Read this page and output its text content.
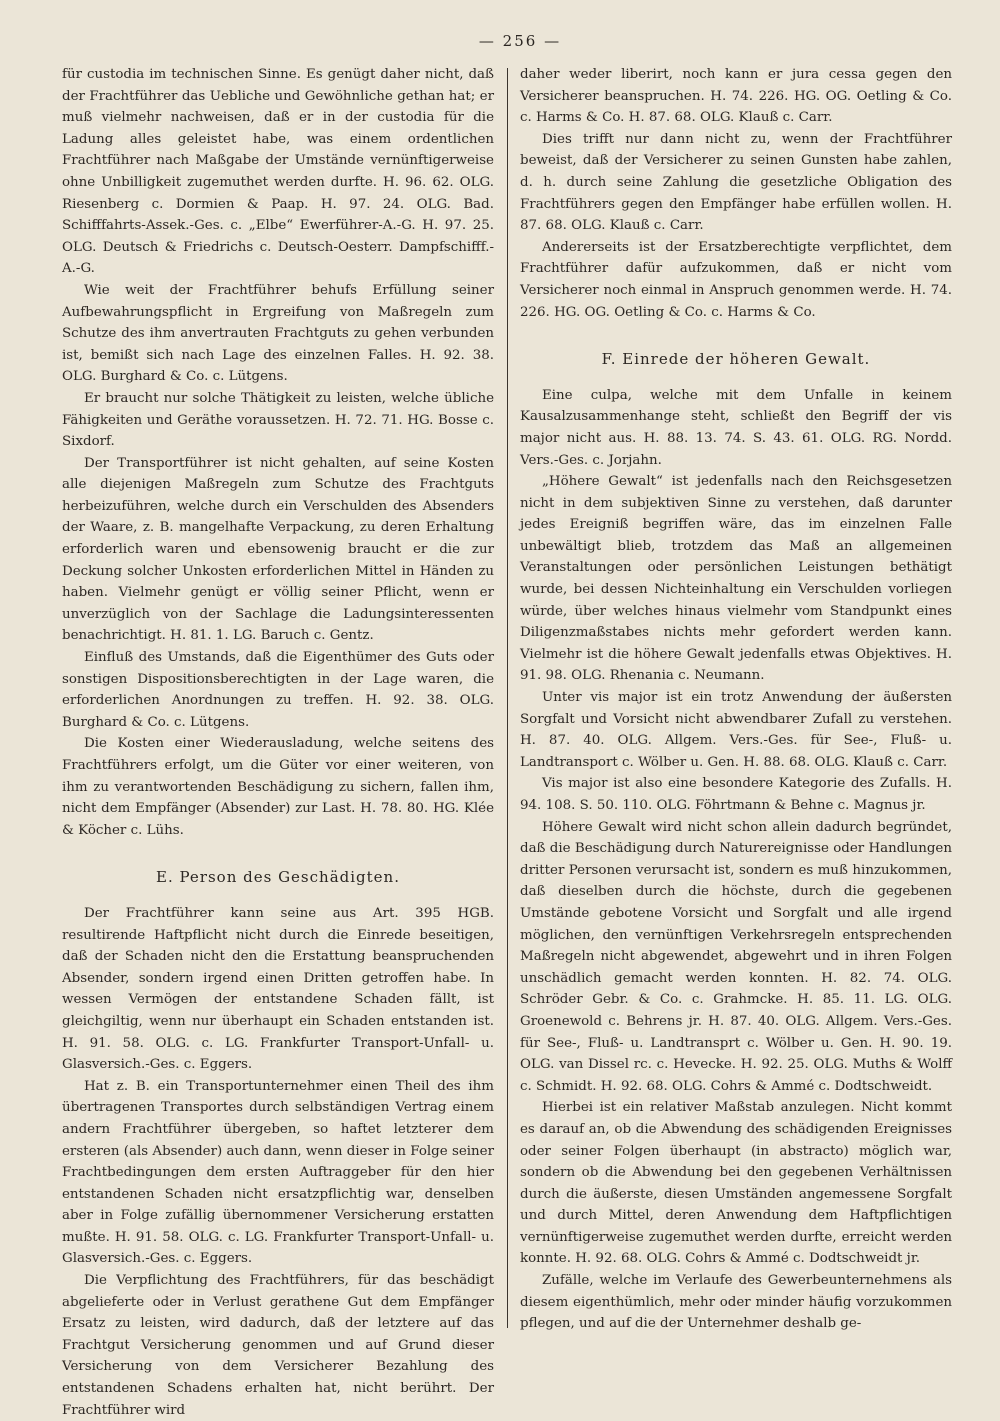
— 256 —

für custodia im technischen Sinne. Es genügt daher nicht, daß der Frachtführer das Uebliche und Gewöhnliche gethan hat; er muß vielmehr nachweisen, daß er in der custodia für die Ladung alles geleistet habe, was einem ordentlichen Frachtführer nach Maßgabe der Umstände vernünftigerweise ohne Unbilligkeit zugemuthet werden durfte. H. 96. 62. OLG. Riesenberg c. Dormien & Paap. H. 97. 24. OLG. Bad. Schifffahrts-Assek.-Ges. c. „Elbe“ Ewerführer-A.-G. H. 97. 25. OLG. Deutsch & Friedrichs c. Deutsch-Oesterr. Dampfschifff.-A.-G.

Wie weit der Frachtführer behufs Erfüllung seiner Aufbewahrungspflicht in Ergreifung von Maßregeln zum Schutze des ihm anvertrauten Frachtguts zu gehen verbunden ist, bemißt sich nach Lage des einzelnen Falles. H. 92. 38. OLG. Burghard & Co. c. Lütgens.

Er braucht nur solche Thätigkeit zu leisten, welche übliche Fähigkeiten und Geräthe voraussetzen. H. 72. 71. HG. Bosse c. Sixdorf.

Der Transportführer ist nicht gehalten, auf seine Kosten alle diejenigen Maßregeln zum Schutze des Frachtguts herbeizuführen, welche durch ein Verschulden des Absenders der Waare, z. B. mangelhafte Verpackung, zu deren Erhaltung erforderlich waren und ebensowenig braucht er die zur Deckung solcher Unkosten erforderlichen Mittel in Händen zu haben. Vielmehr genügt er völlig seiner Pflicht, wenn er unverzüglich von der Sachlage die Ladungsinteressenten benachrichtigt. H. 81. 1. LG. Baruch c. Gentz.

Einfluß des Umstands, daß die Eigenthümer des Guts oder sonstigen Dispositionsberechtigten in der Lage waren, die erforderlichen Anordnungen zu treffen. H. 92. 38. OLG. Burghard & Co. c. Lütgens.

Die Kosten einer Wiederausladung, welche seitens des Frachtführers erfolgt, um die Güter vor einer weiteren, von ihm zu verantwortenden Beschädigung zu sichern, fallen ihm, nicht dem Empfänger (Absender) zur Last. H. 78. 80. HG. Klée & Köcher c. Lühs.

E. Person des Geschädigten.

Der Frachtführer kann seine aus Art. 395 HGB. resultirende Haftpflicht nicht durch die Einrede beseitigen, daß der Schaden nicht den die Erstattung beanspruchenden Absender, sondern irgend einen Dritten getroffen habe. In wessen Vermögen der entstandene Schaden fällt, ist gleichgiltig, wenn nur überhaupt ein Schaden entstanden ist. H. 91. 58. OLG. c. LG. Frankfurter Transport-Unfall- u. Glasversich.-Ges. c. Eggers.

Hat z. B. ein Transportunternehmer einen Theil des ihm übertragenen Transportes durch selbständigen Vertrag einem andern Frachtführer übergeben, so haftet letzterer dem ersteren (als Absender) auch dann, wenn dieser in Folge seiner Frachtbedingungen dem ersten Auftraggeber für den hier entstandenen Schaden nicht ersatzpflichtig war, denselben aber in Folge zufällig übernommener Versicherung erstatten mußte. H. 91. 58. OLG. c. LG. Frankfurter Transport-Unfall- u. Glasversich.-Ges. c. Eggers.

Die Verpflichtung des Frachtführers, für das beschädigt abgelieferte oder in Verlust gerathene Gut dem Empfänger Ersatz zu leisten, wird dadurch, daß der letztere auf das Frachtgut Versicherung genommen und auf Grund dieser Versicherung von dem Versicherer Bezahlung des entstandenen Schadens erhalten hat, nicht berührt. Der Frachtführer wird

daher weder liberirt, noch kann er jura cessa gegen den Versicherer beanspruchen. H. 74. 226. HG. OG. Oetling & Co. c. Harms & Co. H. 87. 68. OLG. Klauß c. Carr.

Dies trifft nur dann nicht zu, wenn der Frachtführer beweist, daß der Versicherer zu seinen Gunsten habe zahlen, d. h. durch seine Zahlung die gesetzliche Obligation des Frachtführers gegen den Empfänger habe erfüllen wollen. H. 87. 68. OLG. Klauß c. Carr.

Andererseits ist der Ersatzberechtigte verpflichtet, dem Frachtführer dafür aufzukommen, daß er nicht vom Versicherer noch einmal in Anspruch genommen werde. H. 74. 226. HG. OG. Oetling & Co. c. Harms & Co.

F. Einrede der höheren Gewalt.

Eine culpa, welche mit dem Unfalle in keinem Kausalzusammenhange steht, schließt den Begriff der vis major nicht aus. H. 88. 13. 74. S. 43. 61. OLG. RG. Nordd. Vers.-Ges. c. Jorjahn.

„Höhere Gewalt“ ist jedenfalls nach den Reichsgesetzen nicht in dem subjektiven Sinne zu verstehen, daß darunter jedes Ereigniß begriffen wäre, das im einzelnen Falle unbewältigt blieb, trotzdem das Maß an allgemeinen Veranstaltungen oder persönlichen Leistungen bethätigt wurde, bei dessen Nichteinhaltung ein Verschulden vorliegen würde, über welches hinaus vielmehr vom Standpunkt eines Diligenzmaßstabes nichts mehr gefordert werden kann. Vielmehr ist die höhere Gewalt jedenfalls etwas Objektives. H. 91. 98. OLG. Rhenania c. Neumann.

Unter vis major ist ein trotz Anwendung der äußersten Sorgfalt und Vorsicht nicht abwendbarer Zufall zu verstehen. H. 87. 40. OLG. Allgem. Vers.-Ges. für See-, Fluß- u. Landtransport c. Wölber u. Gen. H. 88. 68. OLG. Klauß c. Carr.

Vis major ist also eine besondere Kategorie des Zufalls. H. 94. 108. S. 50. 110. OLG. Föhrtmann & Behne c. Magnus jr.

Höhere Gewalt wird nicht schon allein dadurch begründet, daß die Beschädigung durch Naturereignisse oder Handlungen dritter Personen verursacht ist, sondern es muß hinzukommen, daß dieselben durch die höchste, durch die gegebenen Umstände gebotene Vorsicht und Sorgfalt und alle irgend möglichen, den vernünftigen Verkehrsregeln entsprechenden Maßregeln nicht abgewendet, abgewehrt und in ihren Folgen unschädlich gemacht werden konnten. H. 82. 74. OLG. Schröder Gebr. & Co. c. Grahmcke. H. 85. 11. LG. OLG. Groenewold c. Behrens jr. H. 87. 40. OLG. Allgem. Vers.-Ges. für See-, Fluß- u. Landtransprt c. Wölber u. Gen. H. 90. 19. OLG. van Dissel rc. c. Hevecke. H. 92. 25. OLG. Muths & Wolff c. Schmidt. H. 92. 68. OLG. Cohrs & Ammé c. Dodtschweidt.

Hierbei ist ein relativer Maßstab anzulegen. Nicht kommt es darauf an, ob die Abwendung des schädigenden Ereignisses oder seiner Folgen überhaupt (in abstracto) möglich war, sondern ob die Abwendung bei den gegebenen Verhältnissen durch die äußerste, diesen Umständen angemessene Sorgfalt und durch Mittel, deren Anwendung dem Haftpflichtigen vernünftigerweise zugemuthet werden durfte, erreicht werden konnte. H. 92. 68. OLG. Cohrs & Ammé c. Dodtschweidt jr.

Zufälle, welche im Verlaufe des Gewerbeunternehmens als diesem eigenthümlich, mehr oder minder häufig vorzukommen pflegen, und auf die der Unternehmer deshalb ge-
